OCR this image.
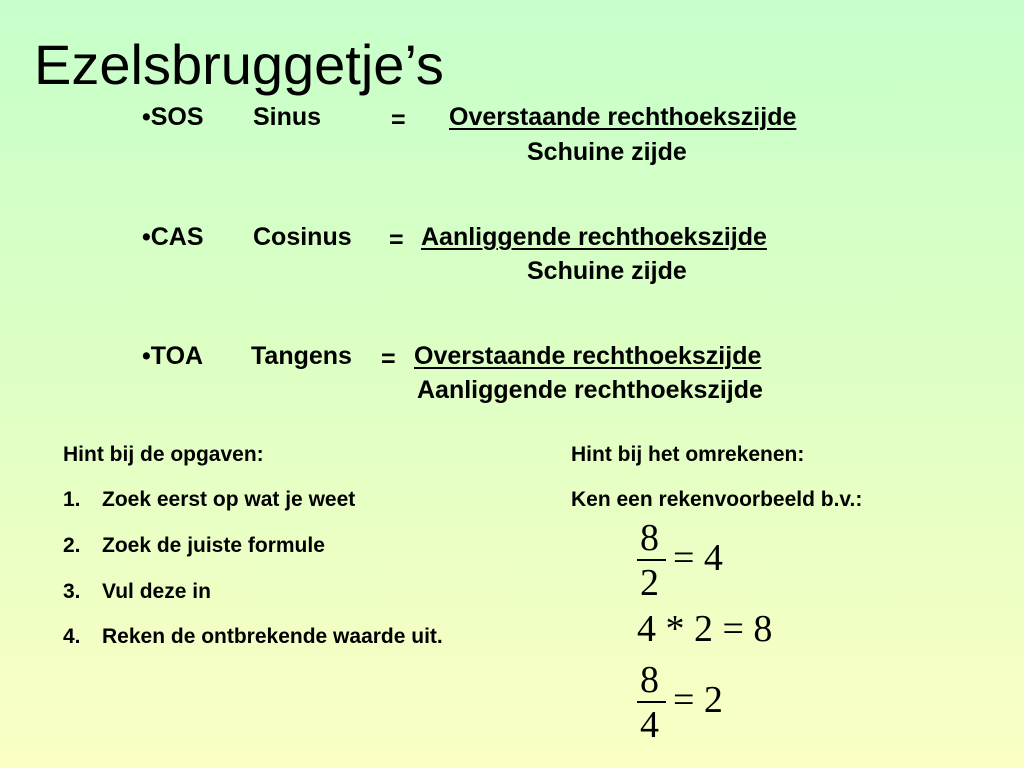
Ezelsbruggetje’s
•SOS Sinus	= Overstaande rechthoekszijde
Schuine zijde
•CAS Cosinus = Aanliggende rechthoekszijde
Schuine zijde
•TOA Tangens = Overstaande rechthoekszijde
Aanliggende rechthoekszijde
Hint bij de opgaven:
1. Zoek eerst op wat je weet
2. Zoek de juiste formule
3. Vul deze in
4. Reken de ontbrekende waarde uit.
Hint bij het omrekenen:
Ken een rekenvoorbeeld b.v.:
8
2
= 4
4 * 2 = 8
8
4
= 2
